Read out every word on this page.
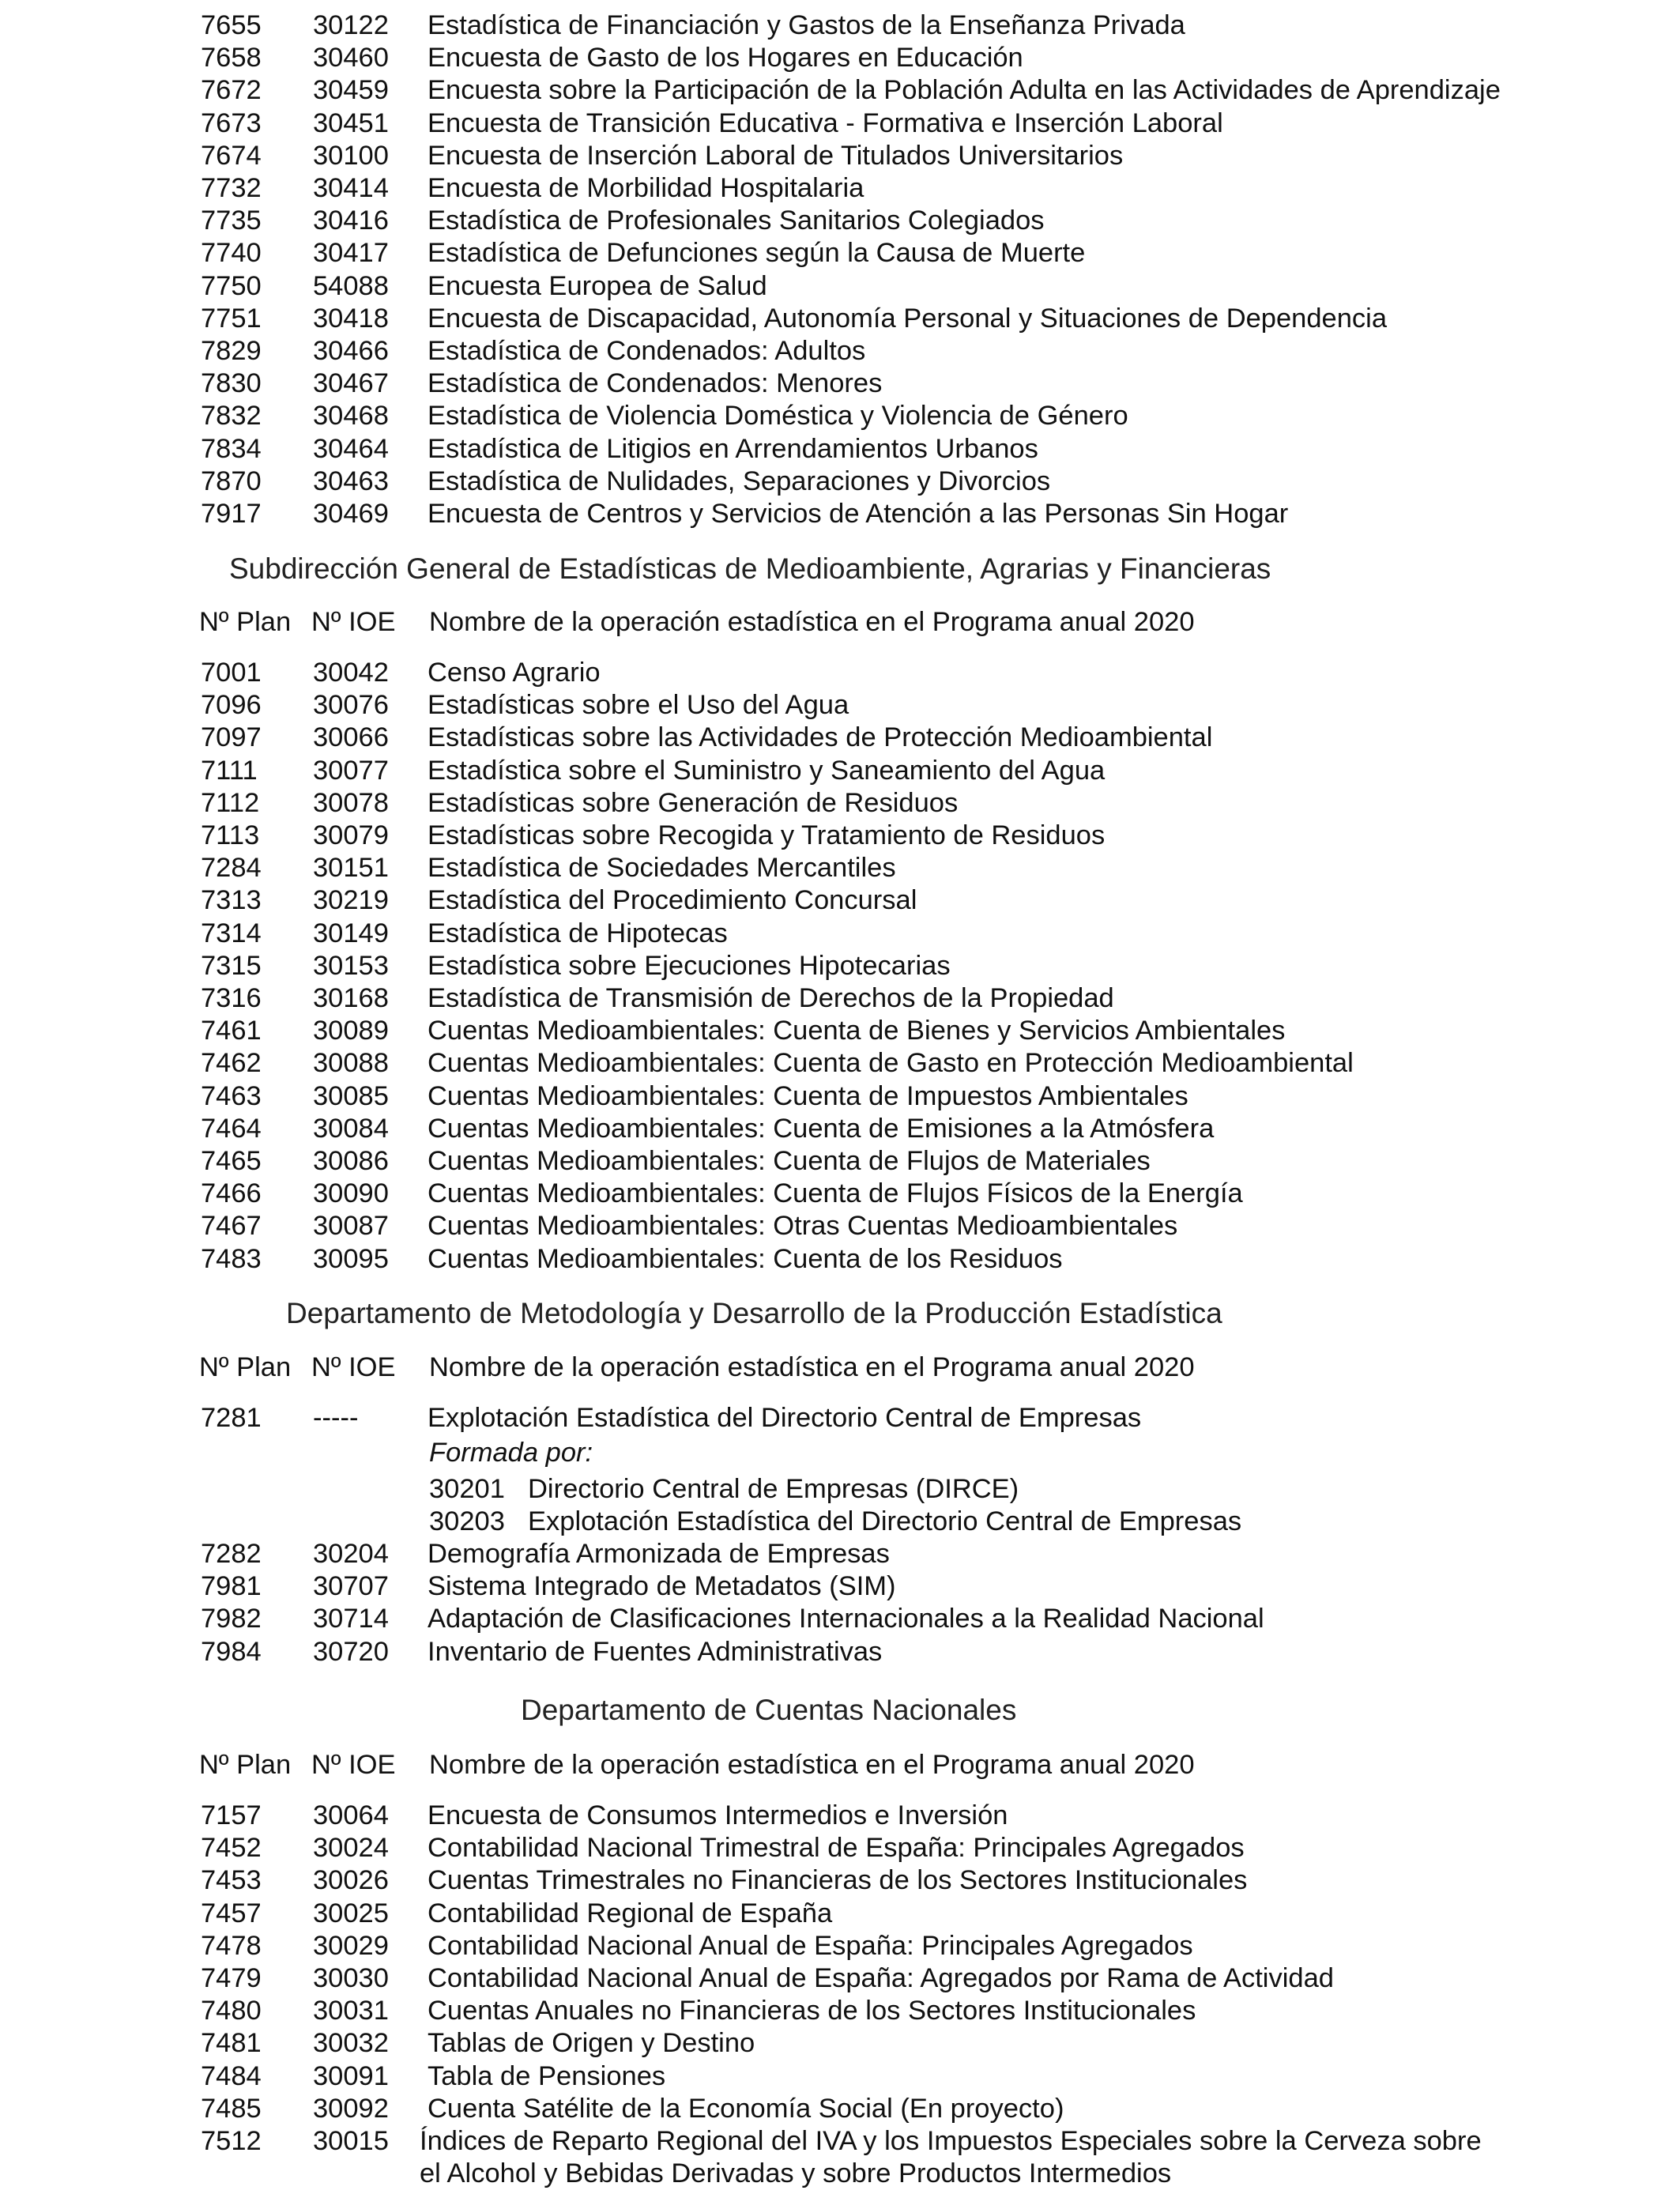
7655 30122 Estadística de Financiación y Gastos de la Enseñanza Privada
7658 30460 Encuesta de Gasto de los Hogares en Educación
7672 30459 Encuesta sobre la Participación de la Población Adulta en las Actividades de Aprendizaje
7673 30451 Encuesta de Transición Educativa - Formativa e Inserción Laboral
7674 30100 Encuesta de Inserción Laboral de Titulados Universitarios
7732 30414 Encuesta de Morbilidad Hospitalaria
7735 30416 Estadística de Profesionales Sanitarios Colegiados
7740 30417 Estadística de Defunciones según la Causa de Muerte
7750 54088 Encuesta Europea de Salud
7751 30418 Encuesta de Discapacidad, Autonomía Personal y Situaciones de Dependencia
7829 30466 Estadística de Condenados: Adultos
7830 30467 Estadística de Condenados: Menores
7832 30468 Estadística de Violencia Doméstica y Violencia de Género
7834 30464 Estadística de Litigios en Arrendamientos Urbanos
7870 30463 Estadística de Nulidades, Separaciones y Divorcios
7917 30469 Encuesta de Centros y Servicios de Atención a las Personas Sin Hogar
Subdirección General de Estadísticas de Medioambiente, Agrarias y Financieras
Nº Plan Nº IOE Nombre de la operación estadística en el Programa anual 2020
7001 30042 Censo Agrario
7096 30076 Estadísticas sobre el Uso del Agua
7097 30066 Estadísticas sobre las Actividades de Protección Medioambiental
7111 30077 Estadística sobre el Suministro y Saneamiento del Agua
7112 30078 Estadísticas sobre Generación de Residuos
7113 30079 Estadísticas sobre Recogida y Tratamiento de Residuos
7284 30151 Estadística de Sociedades Mercantiles
7313 30219 Estadística del Procedimiento Concursal
7314 30149 Estadística de Hipotecas
7315 30153 Estadística sobre Ejecuciones Hipotecarias
7316 30168 Estadística de Transmisión de Derechos de la Propiedad
7461 30089 Cuentas Medioambientales: Cuenta de Bienes y Servicios Ambientales
7462 30088 Cuentas Medioambientales: Cuenta de Gasto en Protección Medioambiental
7463 30085 Cuentas Medioambientales: Cuenta de Impuestos Ambientales
7464 30084 Cuentas Medioambientales: Cuenta de Emisiones a la Atmósfera
7465 30086 Cuentas Medioambientales: Cuenta de Flujos de Materiales
7466 30090 Cuentas Medioambientales: Cuenta de Flujos Físicos de la Energía
7467 30087 Cuentas Medioambientales: Otras Cuentas Medioambientales
7483 30095 Cuentas Medioambientales: Cuenta de los Residuos
Departamento de Metodología y Desarrollo de la Producción Estadística
Nº Plan Nº IOE Nombre de la operación estadística en el Programa anual 2020
7281 -----	Explotación Estadística del Directorio Central de Empresas
Formada por:
30201 Directorio Central de Empresas (DIRCE)
30203 Explotación Estadística del Directorio Central de Empresas
7282 30204 Demografía Armonizada de Empresas
7981 30707 Sistema Integrado de Metadatos (SIM)
7982 30714 Adaptación de Clasificaciones Internacionales a la Realidad Nacional
7984 30720 Inventario de Fuentes Administrativas
Departamento de Cuentas Nacionales
Nº Plan Nº IOE Nombre de la operación estadística en el Programa anual 2020
7157 30064 Encuesta de Consumos Intermedios e Inversión
7452 30024 Contabilidad Nacional Trimestral de España: Principales Agregados
7453 30026 Cuentas Trimestrales no Financieras de los Sectores Institucionales
7457 30025 Contabilidad Regional de España
7478 30029 Contabilidad Nacional Anual de España: Principales Agregados
7479 30030 Contabilidad Nacional Anual de España: Agregados por Rama de Actividad
7480 30031 Cuentas Anuales no Financieras de los Sectores Institucionales
7481 30032 Tablas de Origen y Destino
7484 30091 Tabla de Pensiones
7485 30092 Cuenta Satélite de la Economía Social (En proyecto)
7512 30015 Índices de Reparto Regional del IVA y los Impuestos Especiales sobre la Cerveza sobre
el Alcohol y Bebidas Derivadas y sobre Productos Intermedios
